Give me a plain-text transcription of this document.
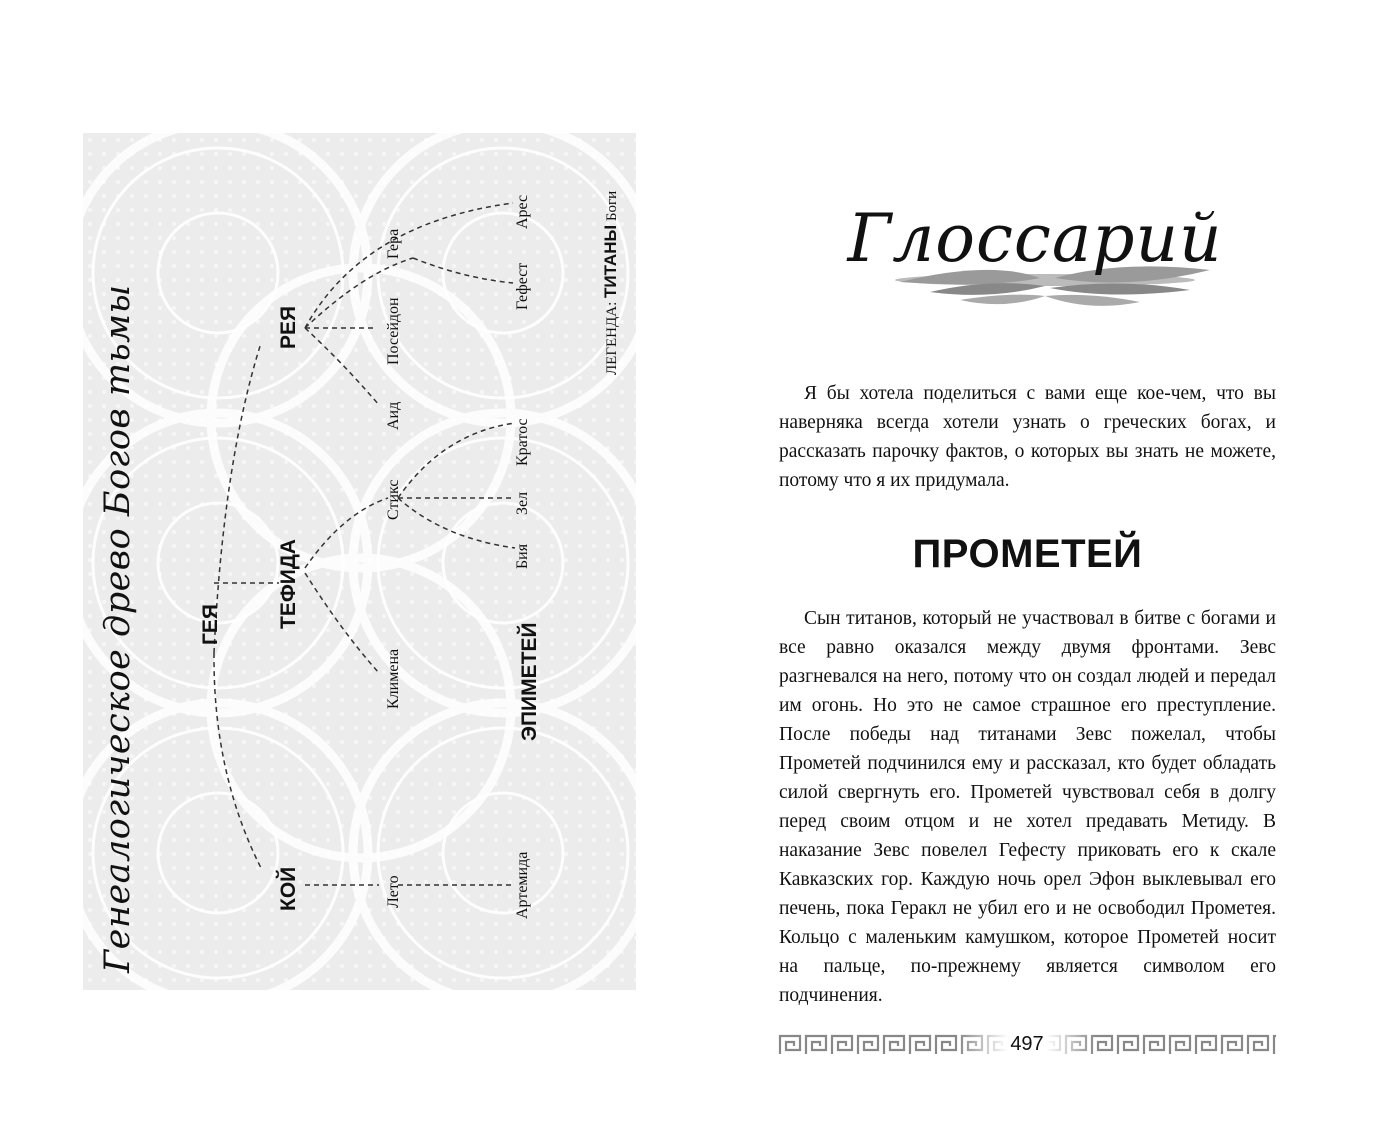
Генеалогическое древо Богов тьмы	ГЕЯ
РЕЯ
ТЕФИДА
КОЙ
ЭПИМЕТЕЙ
Арес
Гефест
Гера
Посейдон
Аид
Стикс
Кратос
Зел
Бия
Климена
Лето	Артемида
ЛЕГЕНДА: ТИТАНЫ Боги	Глоссарий

Я бы хотела поделиться с вами еще кое-чем, что вы наверняка всегда хотели узнать о греческих богах, и рассказать парочку фактов, о которых вы знать не можете, потому что я их придумала.

ПРОМЕТЕЙ

Сын титанов, который не участвовал в битве с богами и все равно оказался между двумя фронтами. Зевс разгневался на него, потому что он создал людей и передал им огонь. Но это не самое страшное его преступление. После победы над титанами Зевс пожелал, чтобы Прометей подчинился ему и рассказал, кто будет обладать силой свергнуть его. Прометей чувствовал себя в долгу перед своим отцом и не хотел предавать Метиду. В наказание Зевс повелел Гефесту приковать его к скале Кавказских гор. Каждую ночь орел Эфон выклевывал его печень, пока Геракл не убил его и не освободил Прометея. Кольцо с маленьким камушком, которое Прометей носит на пальце, по-прежнему является символом его подчинения.

497
